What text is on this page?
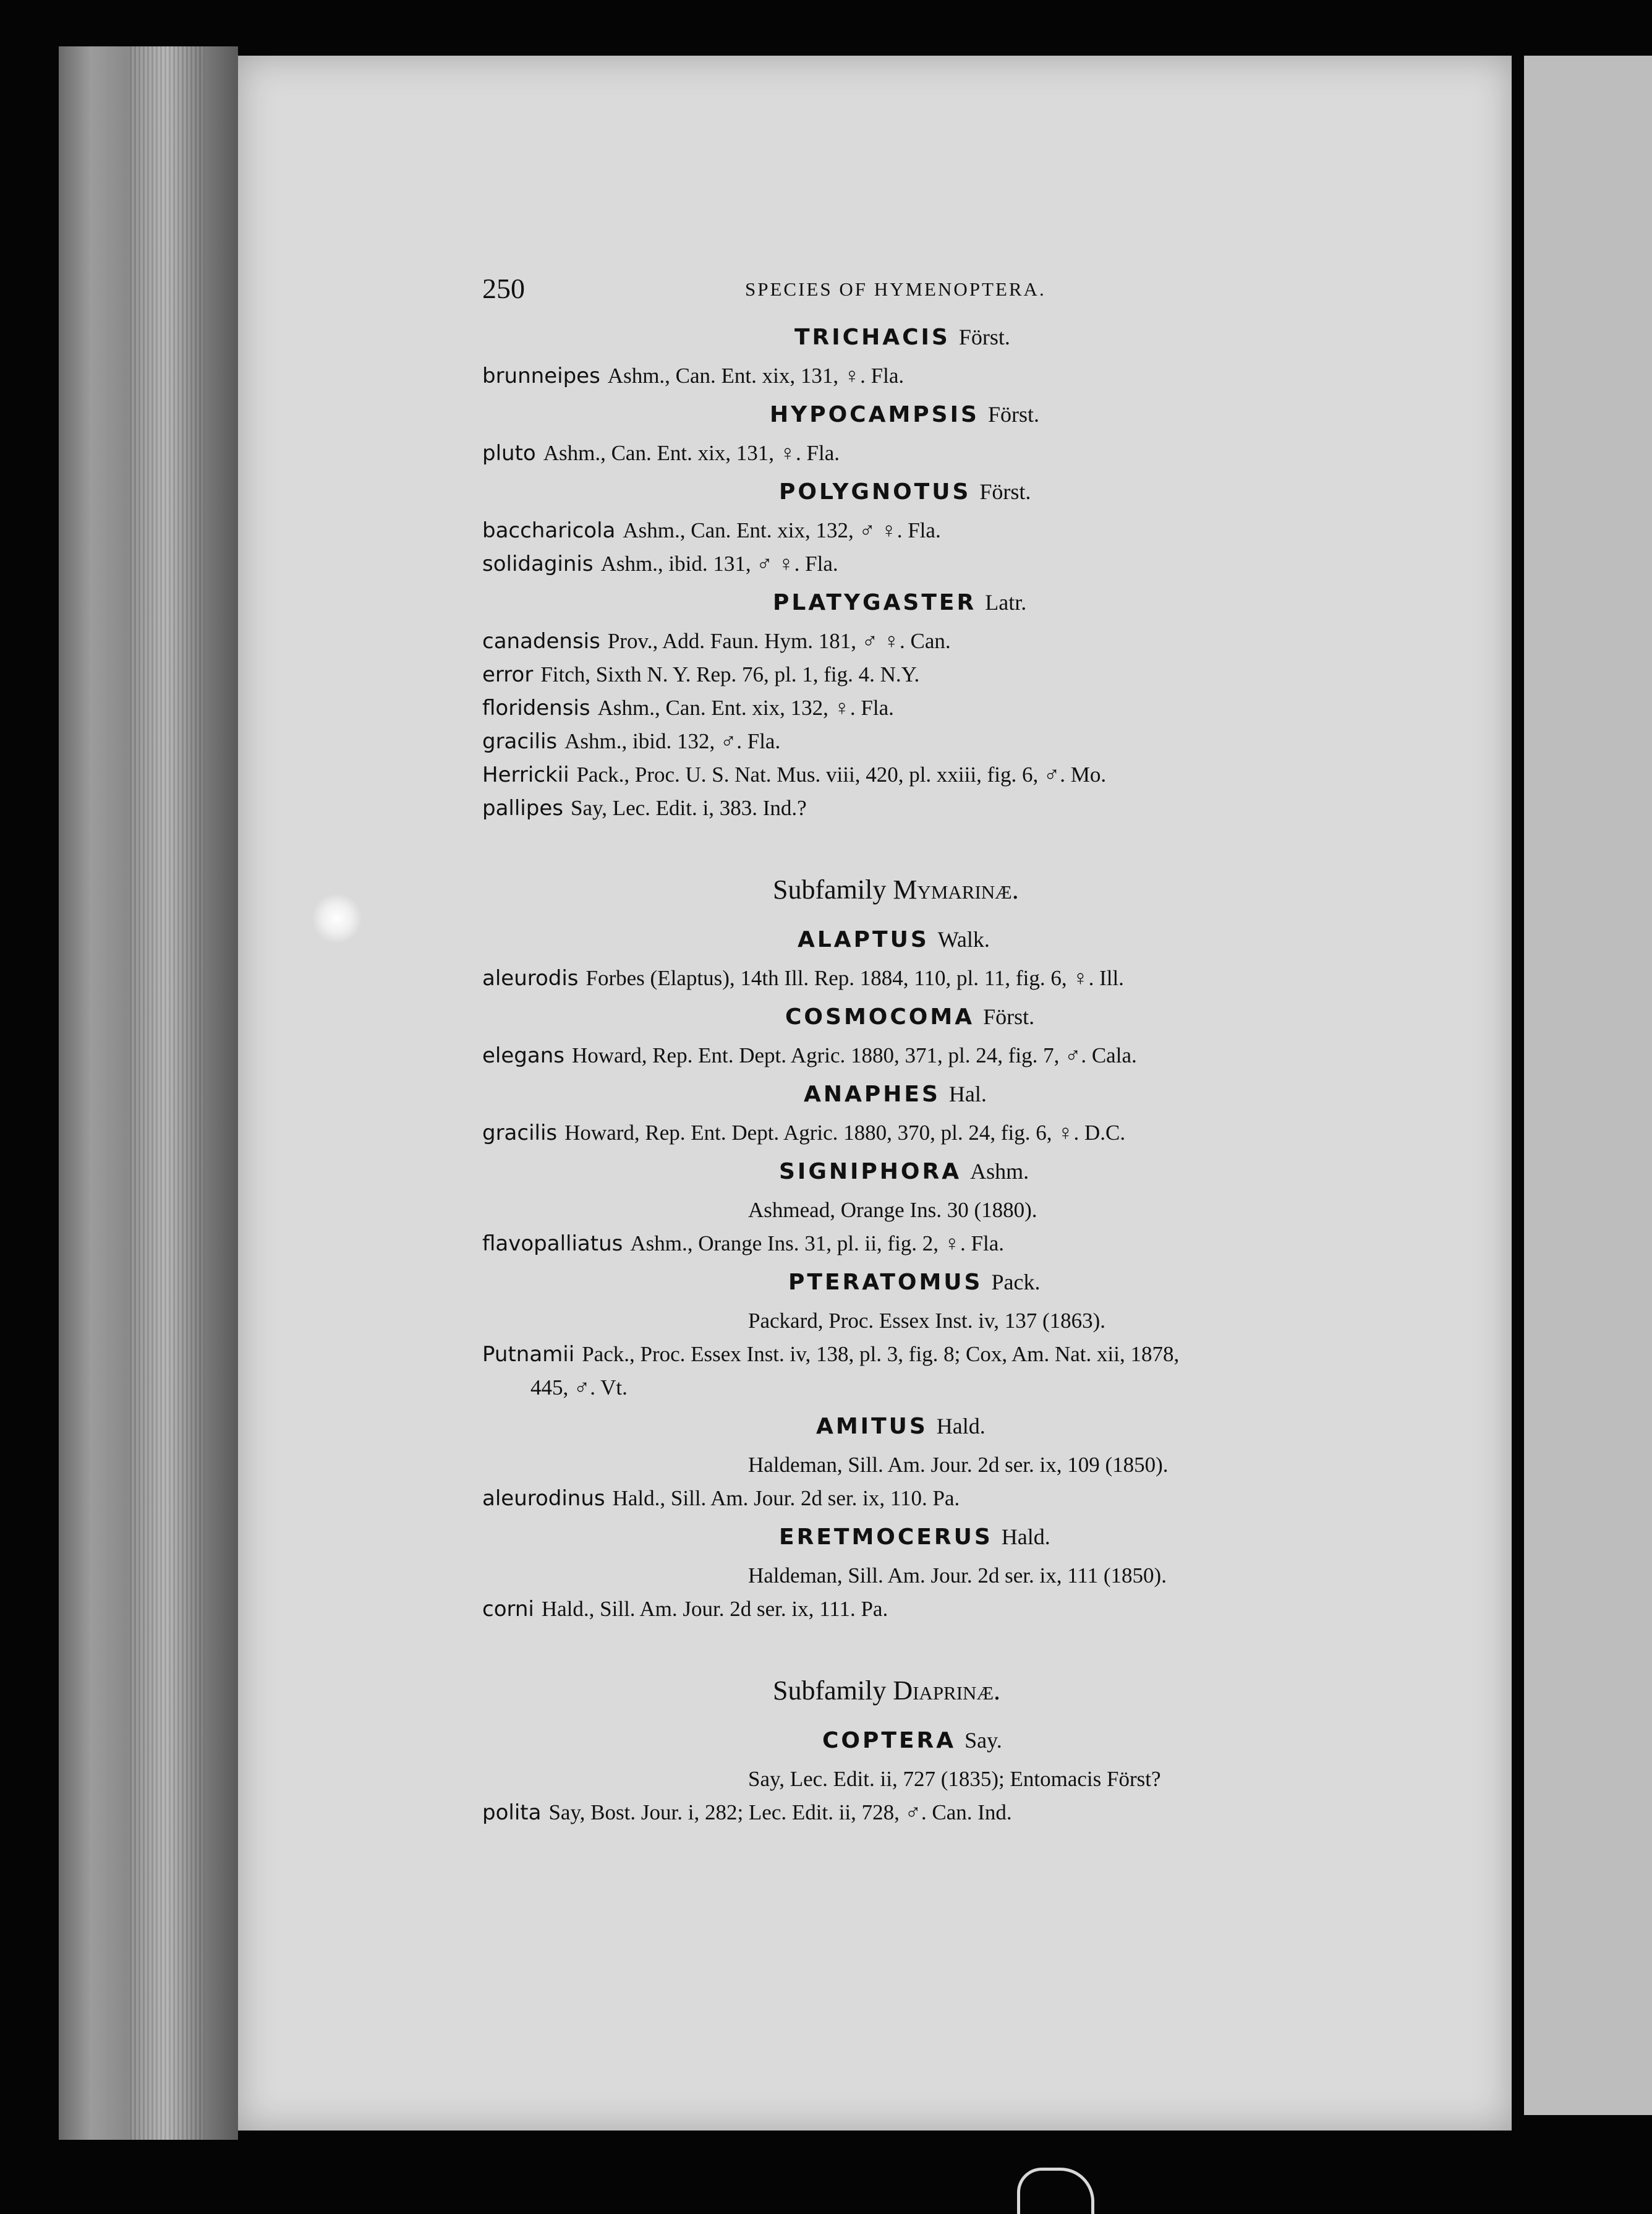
250	SPECIES OF HYMENOPTERA.
TRICHACIS Först.
brunneipes Ashm., Can. Ent. xix, 131, ♀. Fla.
HYPOCAMPSIS Först.
pluto Ashm., Can. Ent. xix, 131, ♀. Fla.
POLYGNOTUS Först.
baccharicola Ashm., Can. Ent. xix, 132, ♂ ♀. Fla.
solidaginis Ashm., ibid. 131, ♂ ♀. Fla.
PLATYGASTER Latr.
canadensis Prov., Add. Faun. Hym. 181, ♂ ♀. Can.
error Fitch, Sixth N. Y. Rep. 76, pl. 1, fig. 4. N.Y.
floridensis Ashm., Can. Ent. xix, 132, ♀. Fla.
gracilis Ashm., ibid. 132, ♂. Fla.
Herrickii Pack., Proc. U. S. Nat. Mus. viii, 420, pl. xxiii, fig. 6, ♂. Mo.
pallipes Say, Lec. Edit. i, 383. Ind.?
Subfamily Mymarinæ.
ALAPTUS Walk.
aleurodis Forbes (Elaptus), 14th Ill. Rep. 1884, 110, pl. 11, fig. 6, ♀. Ill.
COSMOCOMA Först.
elegans Howard, Rep. Ent. Dept. Agric. 1880, 371, pl. 24, fig. 7, ♂. Cala.
ANAPHES Hal.
gracilis Howard, Rep. Ent. Dept. Agric. 1880, 370, pl. 24, fig. 6, ♀. D.C.
SIGNIPHORA Ashm.
Ashmead, Orange Ins. 30 (1880).
flavopalliatus Ashm., Orange Ins. 31, pl. ii, fig. 2, ♀. Fla.
PTERATOMUS Pack.
Packard, Proc. Essex Inst. iv, 137 (1863).
Putnamii Pack., Proc. Essex Inst. iv, 138, pl. 3, fig. 8; Cox, Am. Nat. xii, 1878,
445, ♂. Vt.
AMITUS Hald.
Haldeman, Sill. Am. Jour. 2d ser. ix, 109 (1850).
aleurodinus Hald., Sill. Am. Jour. 2d ser. ix, 110. Pa.
ERETMOCERUS Hald.
Haldeman, Sill. Am. Jour. 2d ser. ix, 111 (1850).
corni Hald., Sill. Am. Jour. 2d ser. ix, 111. Pa.
Subfamily Diaprinæ.
COPTERA Say.
Say, Lec. Edit. ii, 727 (1835); Entomacis Först?
polita Say, Bost. Jour. i, 282; Lec. Edit. ii, 728, ♂. Can. Ind.
